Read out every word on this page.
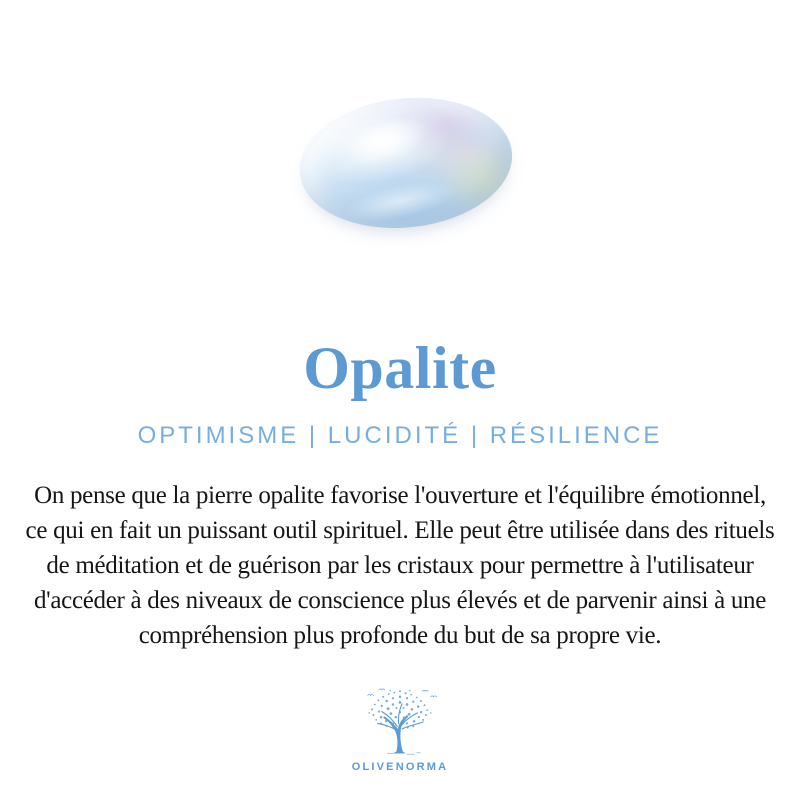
Opalite
OPTIMISME | LUCIDITÉ | RÉSILIENCE

On pense que la pierre opalite favorise l'ouverture et l'équilibre émotionnel, ce qui en fait un puissant outil spirituel. Elle peut être utilisée dans des rituels de méditation et de guérison par les cristaux pour permettre à l'utilisateur d'accéder à des niveaux de conscience plus élevés et de parvenir ainsi à une compréhension plus profonde du but de sa propre vie.

OLIVENORMA
